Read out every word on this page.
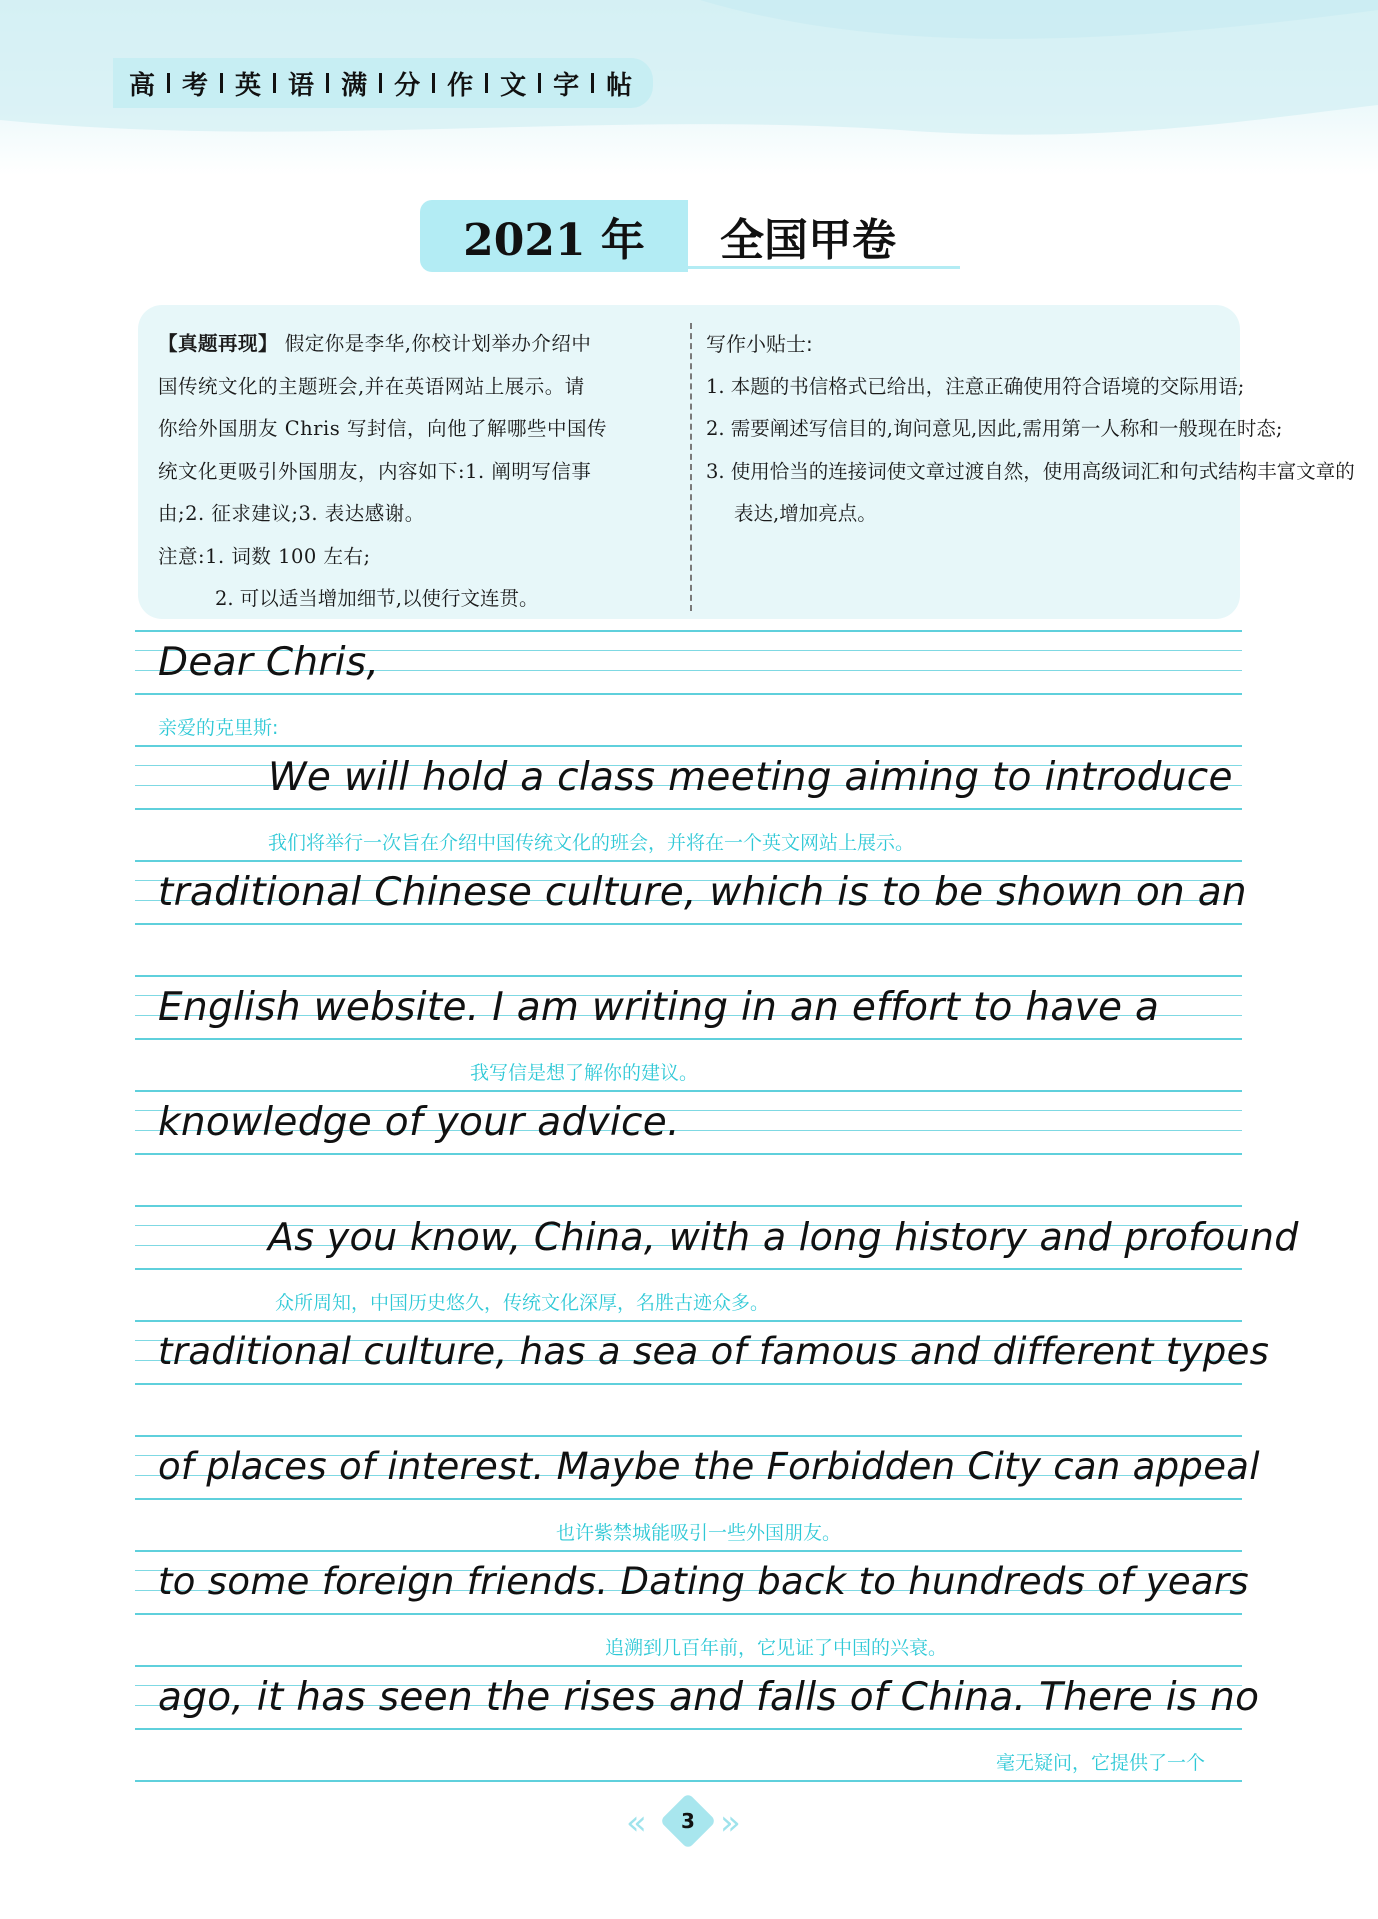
高 考 英 语 满 分 作 文 字 帖
2021 年	全国甲卷

【真题再现】 假定你是李华,你校计划举办介绍中

国传统文化的主题班会,并在英语网站上展示。请

你给外国朋友 Chris 写封信，向他了解哪些中国传

统文化更吸引外国朋友，内容如下:1. 阐明写信事

由;2. 征求建议;3. 表达感谢。

注意:1. 词数 100 左右;

2. 可以适当增加细节,以使行文连贯。

写作小贴士:

1. 本题的书信格式已给出，注意正确使用符合语境的交际用语;

2. 需要阐述写信目的,询问意见,因此,需用第一人称和一般现在时态;

3. 使用恰当的连接词使文章过渡自然，使用高级词汇和句式结构丰富文章的表达,增加亮点。

Dear Chris,
We will hold a class meeting aiming to introduce
traditional Chinese culture, which is to be shown on an
English website. I am writing in an effort to have a
knowledge of your advice.
As you know, China, with a long history and profound
traditional culture, has a sea of famous and different types
of places of interest. Maybe the Forbidden City can appeal
to some foreign friends. Dating back to hundreds of years
ago, it has seen the rises and falls of China. There is no
亲爱的克里斯:
我们将举行一次旨在介绍中国传统文化的班会，并将在一个英文网站上展示。
我写信是想了解你的建议。
众所周知，中国历史悠久，传统文化深厚，名胜古迹众多。
也许紫禁城能吸引一些外国朋友。
追溯到几百年前，它见证了中国的兴衰。
毫无疑问，它提供了一个
«	3 »
